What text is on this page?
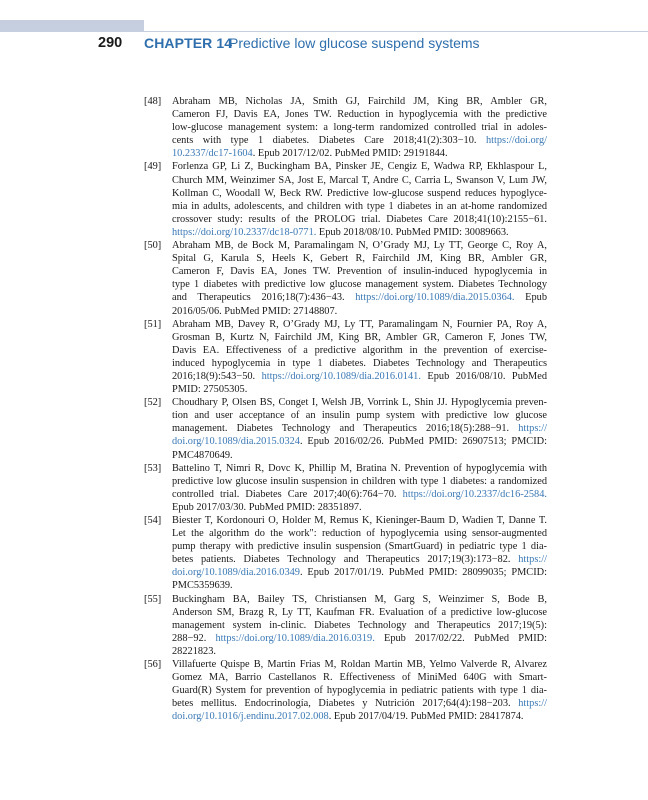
290 CHAPTER 14
Predictive low glucose suspend systems
[48]	Abraham MB, Nicholas JA, Smith GJ, Fairchild JM, King BR, Ambler GR,
Cameron FJ, Davis EA, Jones TW. Reduction in hypoglycemia with the predictive
low-glucose management system: a long-term randomized controlled trial in adoles-
cents with type 1 diabetes. Diabetes Care 2018;41(2):303−10. https://doi.org/
10.2337/dc17-1604. Epub 2017/12/02. PubMed PMID: 29191844.
[49]	Forlenza GP, Li Z, Buckingham BA, Pinsker JE, Cengiz E, Wadwa RP, Ekhlaspour L,
Church MM, Weinzimer SA, Jost E, Marcal T, Andre C, Carria L, Swanson V, Lum JW,
Kollman C, Woodall W, Beck RW. Predictive low-glucose suspend reduces hypoglyce-
mia in adults, adolescents, and children with type 1 diabetes in an at-home randomized
crossover study: results of the PROLOG trial. Diabetes Care 2018;41(10):2155−61.
https://doi.org/10.2337/dc18-0771. Epub 2018/08/10. PubMed PMID: 30089663.
[50]	Abraham MB, de Bock M, Paramalingam N, O’Grady MJ, Ly TT, George C, Roy A,
Spital G, Karula S, Heels K, Gebert R, Fairchild JM, King BR, Ambler GR,
Cameron F, Davis EA, Jones TW. Prevention of insulin-induced hypoglycemia in
type 1 diabetes with predictive low glucose management system. Diabetes Technology
and Therapeutics 2016;18(7):436−43. https://doi.org/10.1089/dia.2015.0364. Epub
2016/05/06. PubMed PMID: 27148807.
[51]	Abraham MB, Davey R, O’Grady MJ, Ly TT, Paramalingam N, Fournier PA, Roy A,
Grosman B, Kurtz N, Fairchild JM, King BR, Ambler GR, Cameron F, Jones TW,
Davis EA. Effectiveness of a predictive algorithm in the prevention of exercise-
induced hypoglycemia in type 1 diabetes. Diabetes Technology and Therapeutics
2016;18(9):543−50. https://doi.org/10.1089/dia.2016.0141. Epub 2016/08/10. PubMed
PMID: 27505305.
[52]	Choudhary P, Olsen BS, Conget I, Welsh JB, Vorrink L, Shin JJ. Hypoglycemia preven-
tion and user acceptance of an insulin pump system with predictive low glucose
management. Diabetes Technology and Therapeutics 2016;18(5):288−91. https://
doi.org/10.1089/dia.2015.0324. Epub 2016/02/26. PubMed PMID: 26907513; PMCID:
PMC4870649.
[53]	Battelino T, Nimri R, Dovc K, Phillip M, Bratina N. Prevention of hypoglycemia with
predictive low glucose insulin suspension in children with type 1 diabetes: a randomized
controlled trial. Diabetes Care 2017;40(6):764−70. https://doi.org/10.2337/dc16-2584.
Epub 2017/03/30. PubMed PMID: 28351897.
[54]	Biester T, Kordonouri O, Holder M, Remus K, Kieninger-Baum D, Wadien T, Danne T.
Let the algorithm do the work": reduction of hypoglycemia using sensor-augmented
pump therapy with predictive insulin suspension (SmartGuard) in pediatric type 1 dia-
betes patients. Diabetes Technology and Therapeutics 2017;19(3):173−82. https://
doi.org/10.1089/dia.2016.0349. Epub 2017/01/19. PubMed PMID: 28099035; PMCID:
PMC5359639.
[55]	Buckingham BA, Bailey TS, Christiansen M, Garg S, Weinzimer S, Bode B,
Anderson SM, Brazg R, Ly TT, Kaufman FR. Evaluation of a predictive low-glucose
management system in-clinic. Diabetes Technology and Therapeutics 2017;19(5):
288−92. https://doi.org/10.1089/dia.2016.0319. Epub 2017/02/22. PubMed PMID:
28221823.
[56]	Villafuerte Quispe B, Martin Frias M, Roldan Martin MB, Yelmo Valverde R, Alvarez
Gomez MA, Barrio Castellanos R. Effectiveness of MiniMed 640G with Smart-
Guard(R) System for prevention of hypoglycemia in pediatric patients with type 1 dia-
betes mellitus. Endocrinología, Diabetes y Nutrición 2017;64(4):198−203. https://
doi.org/10.1016/j.endinu.2017.02.008. Epub 2017/04/19. PubMed PMID: 28417874.
